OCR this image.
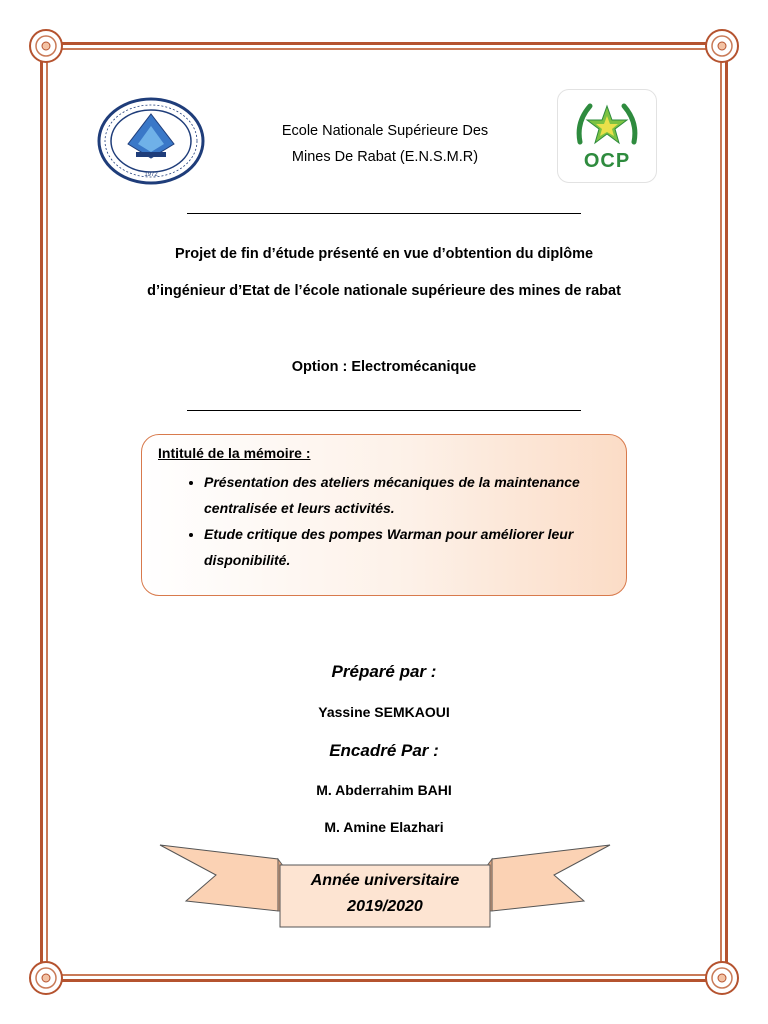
1972
Ecole Nationale Supérieure Des
Mines De Rabat (E.N.S.M.R)	OCP
Projet de fin d’étude présenté en vue d’obtention du diplôme
d’ingénieur d’Etat de l’école nationale supérieure des mines de rabat
Option : Electromécanique
Intitulé de la mémoire :
• Présentation des ateliers mécaniques de la maintenance centralisée et leurs activités.
• Etude critique des pompes Warman pour améliorer leur disponibilité.
Préparé par :
Yassine SEMKAOUI
Encadré Par :
M. Abderrahim BAHI
M. Amine Elazhari
Année universitaire
2019/2020
